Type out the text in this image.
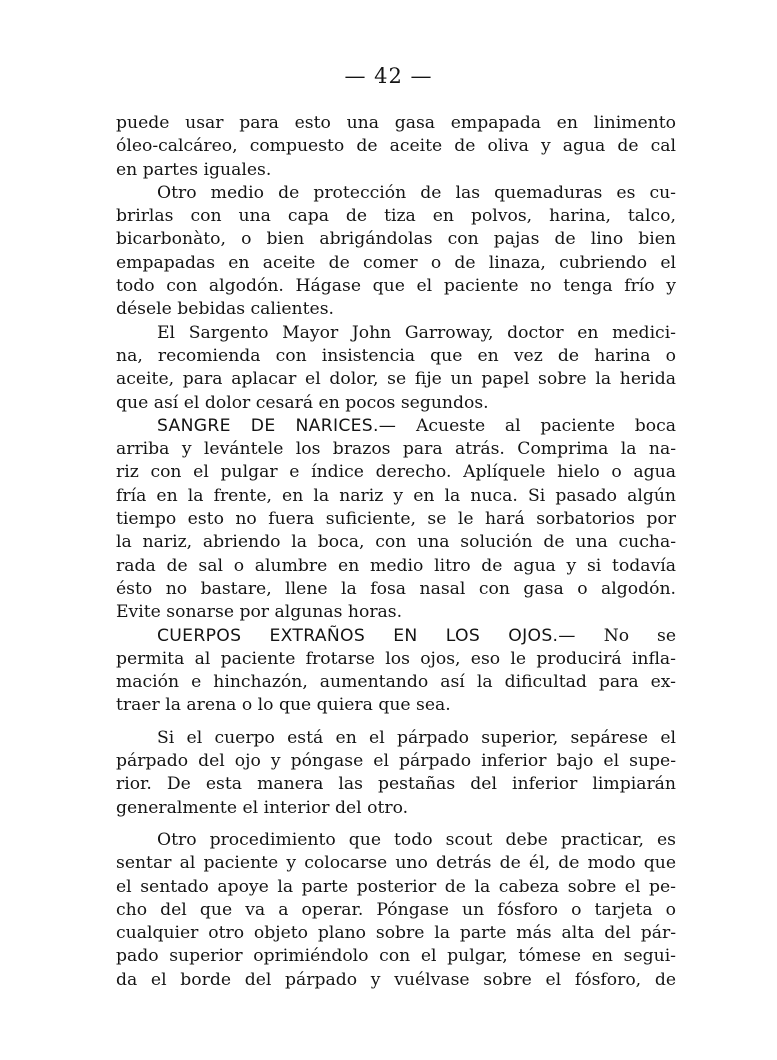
— 42 —
puede usar para esto una gasa empapada en linimento
óleo-calcáreo, compuesto de aceite de oliva y agua de cal
en partes iguales.
Otro medio de protección de las quemaduras es cu-
brirlas con una capa de tiza en polvos, harina, talco,
bicarbonàto, o bien abrigándolas con pajas de lino bien
empapadas en aceite de comer o de linaza, cubriendo el
todo con algodón. Hágase que el paciente no tenga frío y
désele bebidas calientes.
El Sargento Mayor John Garroway, doctor en medici-
na, recomienda con insistencia que en vez de harina o
aceite, para aplacar el dolor, se fije un papel sobre la herida
que así el dolor cesará en pocos segundos.
SANGRE DE NARICES.— Acueste al paciente boca
arriba y levántele los brazos para atrás. Comprima la na-
riz con el pulgar e índice derecho. Aplíquele hielo o agua
fría en la frente, en la nariz y en la nuca. Si pasado algún
tiempo esto no fuera suficiente, se le hará sorbatorios por
la nariz, abriendo la boca, con una solución de una cucha-
rada de sal o alumbre en medio litro de agua y si todavía
ésto no bastare, llene la fosa nasal con gasa o algodón.
Evite sonarse por algunas horas.
CUERPOS EXTRAÑOS EN LOS OJOS.— No se
permita al paciente frotarse los ojos, eso le producirá infla-
mación e hinchazón, aumentando así la dificultad para ex-
traer la arena o lo que quiera que sea.
Si el cuerpo está en el párpado superior, sepárese el
párpado del ojo y póngase el párpado inferior bajo el supe-
rior. De esta manera las pestañas del inferior limpiarán
generalmente el interior del otro.
Otro procedimiento que todo scout debe practicar, es
sentar al paciente y colocarse uno detrás de él, de modo que
el sentado apoye la parte posterior de la cabeza sobre el pe-
cho del que va a operar. Póngase un fósforo o tarjeta o
cualquier otro objeto plano sobre la parte más alta del pár-
pado superior oprimiéndolo con el pulgar, tómese en segui-
da el borde del párpado y vuélvase sobre el fósforo, de
